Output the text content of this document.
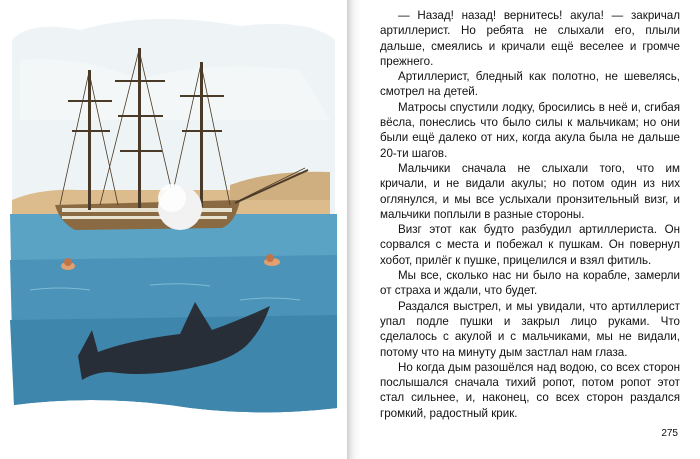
— Назад! назад! вернитесь! акула! — закричал артиллерист. Но ребята не слыхали его, плыли дальше, смеялись и кричали ещё веселее и громче прежнего.

Артиллерист, бледный как полотно, не шевелясь, смотрел на детей.

Матросы спустили лодку, бросились в неё и, сгибая вёсла, понеслись что было силы к мальчикам; но они были ещё далеко от них, когда акула была не дальше 20-ти шагов.

Мальчики сначала не слыхали того, что им кричали, и не видали акулы; но потом один из них оглянулся, и мы все услыхали пронзительный визг, и мальчики поплыли в разные стороны.

Визг этот как будто разбудил артиллериста. Он сорвался с места и побежал к пушкам. Он повернул хобот, прилёг к пушке, прицелился и взял фитиль.

Мы все, сколько нас ни было на корабле, замерли от страха и ждали, что будет.

Раздался выстрел, и мы увидали, что артиллерист упал подле пушки и закрыл лицо руками. Что сделалось с акулой и с мальчиками, мы не видали, потому что на минуту дым застлал нам глаза.

Но когда дым разошёлся над водою, со всех сторон послышался сначала тихий ропот, потом ропот этот стал сильнее, и, наконец, со всех сторон раздался громкий, радостный крик.

275
